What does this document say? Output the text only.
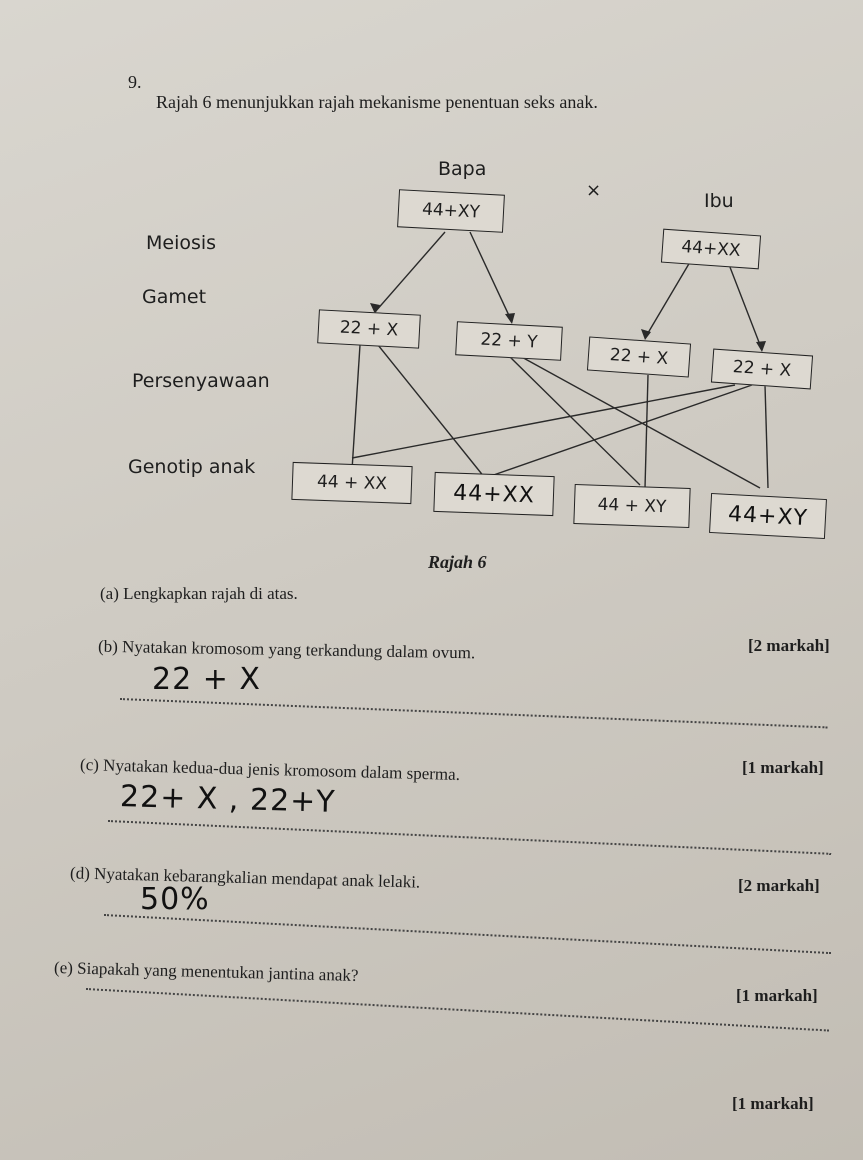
9.
Rajah 6 menunjukkan rajah mekanisme penentuan seks anak.
Bapa
×	Ibu
44+XY
44+XX
Meiosis
Gamet
Persenyawaan
Genotip anak
22 + X
22 + Y
22 + X	22 + X
44 + XX	44+XX	44 + XY	44+XY
Rajah 6
(a) Lengkapkan rajah di atas.
[2 markah]
(b) Nyatakan kromosom yang terkandung dalam ovum.
22 + X
[1 markah]
(c) Nyatakan kedua-dua jenis kromosom dalam sperma.
22+ X , 22+Y
(d) Nyatakan kebarangkalian mendapat anak lelaki.	[2 markah]
50%
(e) Siapakah yang menentukan jantina anak?
[1 markah]
[1 markah]
